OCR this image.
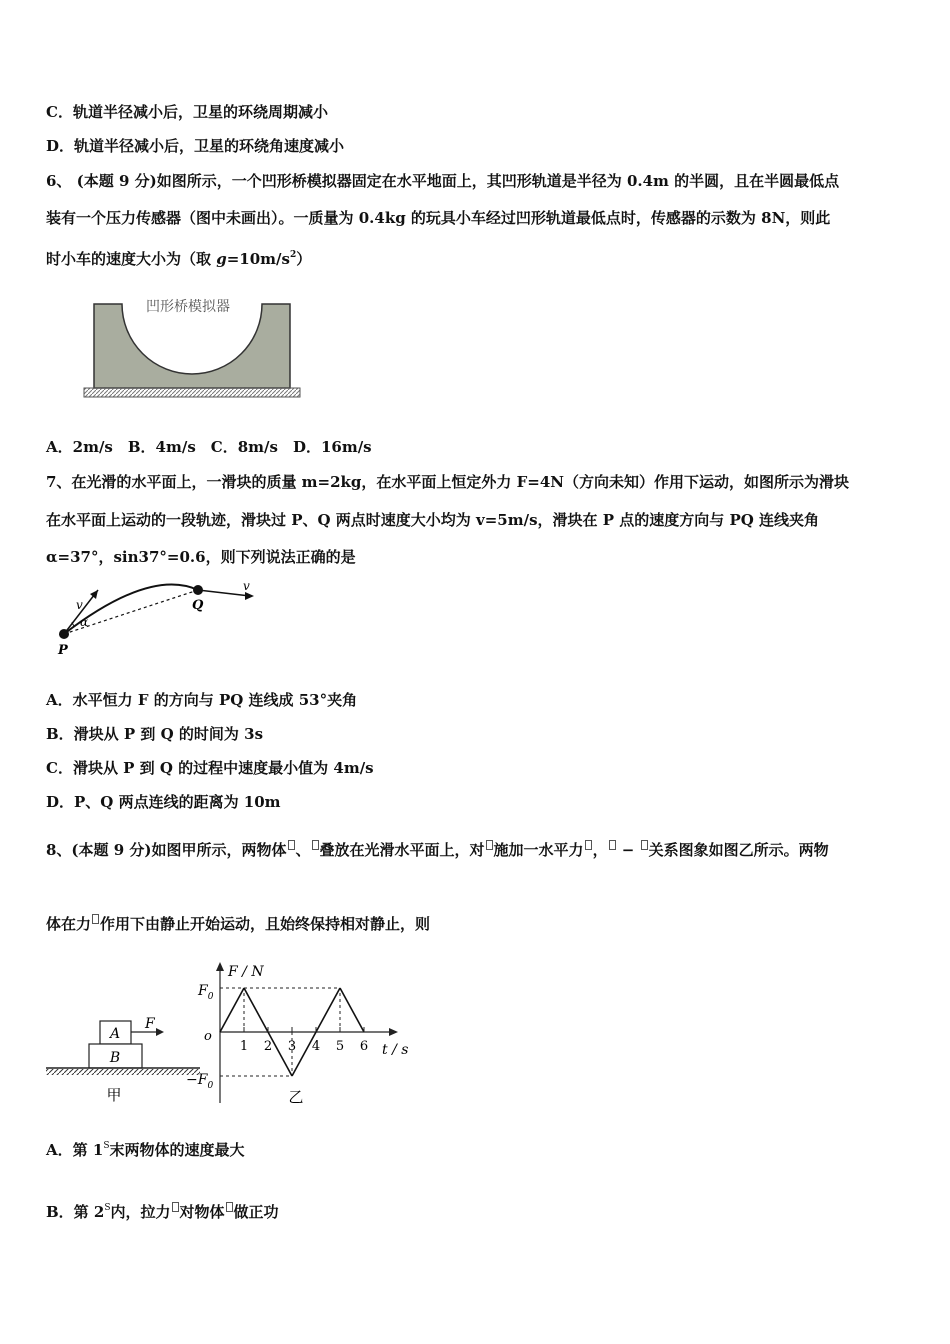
C．轨道半径减小后，卫星的环绕周期减小
D．轨道半径减小后，卫星的环绕角速度减小
6、 (本题 9 分)如图所示，一个凹形桥模拟器固定在水平地面上，其凹形轨道是半径为 0.4m 的半圆，且在半圆最低点
装有一个压力传感器（图中未画出）。一质量为 0.4kg 的玩具小车经过凹形轨道最低点时，传感器的示数为 8N，则此
时小车的速度大小为（取 $g=10m/s^2$）
凹形桥模拟器
A．2m/s　B．4m/s　C．8m/s　D．16m/s
7、在光滑的水平面上，一滑块的质量 m=2kg，在水平面上恒定外力 F=4N（方向未知）作用下运动，如图所示为滑块
在水平面上运动的一段轨迹，滑块过 P、Q 两点时速度大小均为 v=5m/s，滑块在 P 点的速度方向与 PQ 连线夹角
α=37°，sin37°=0.6，则下列说法正确的是
P
Q
v
v
α
A．水平恒力 F 的方向与 PQ 连线成 53°夹角
B．滑块从 P 到 Q 的时间为 3s
C．滑块从 P 到 Q 的过程中速度最小值为 4m/s
D．P、Q 两点连线的距离为 10m
8、(本题 9 分)如图甲所示，两物体 、 叠放在光滑水平面上，对 施加一水平力 ， − 关系图象如图乙所示。两物
体在力 作用下由静止开始运动，且始终保持相对静止，则
A
B
F
甲
1 2 3 4 5 6
F / N
t / s
o
$F_0$
$-F_0$
乙
A．第 $1^S$末两物体的速度最大
B．第 $2^S$内，拉力 对物体 做正功
